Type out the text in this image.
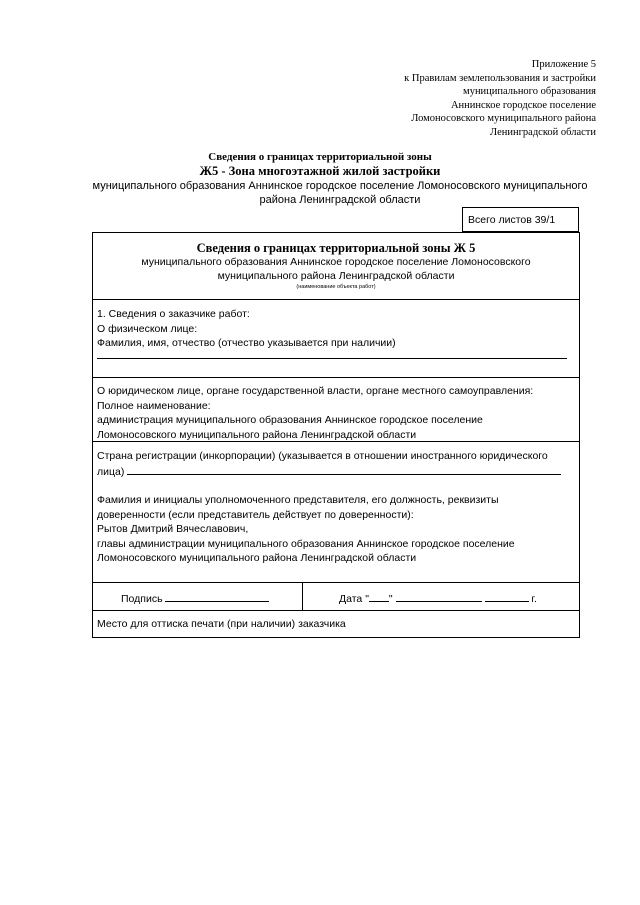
Приложение 5
к Правилам землепользования и застройки
муниципального образования
Аннинское городское поселение
Ломоносовского муниципального района
Ленинградской области
Сведения о границах территориальной зоны
Ж5 - Зона многоэтажной жилой застройки
муниципального образования Аннинское городское поселение Ломоносовского муниципального
района Ленинградской области
Всего листов 39/1
Сведения о границах территориальной зоны Ж 5
муниципального образования Аннинское городское поселение Ломоносовского
муниципального района Ленинградской области
(наименование объекта работ)
1. Сведения о заказчике работ:
О физическом лице:
Фамилия, имя, отчество (отчество указывается при наличии)
О юридическом лице, органе государственной власти, органе местного самоуправления:
Полное наименование:
администрация муниципального образования Аннинское городское поселение
Ломоносовского муниципального района Ленинградской области
Страна регистрации (инкорпорации) (указывается в отношении иностранного юридического
лица)
Фамилия и инициалы уполномоченного представителя, его должность, реквизиты
доверенности (если представитель действует по доверенности):
Рытов Дмитрий Вячеславович,
главы администрации муниципального образования Аннинское городское поселение
Ломоносовского муниципального района Ленинградской области
Подпись	Дата " "	г.
Место для оттиска печати (при наличии) заказчика
